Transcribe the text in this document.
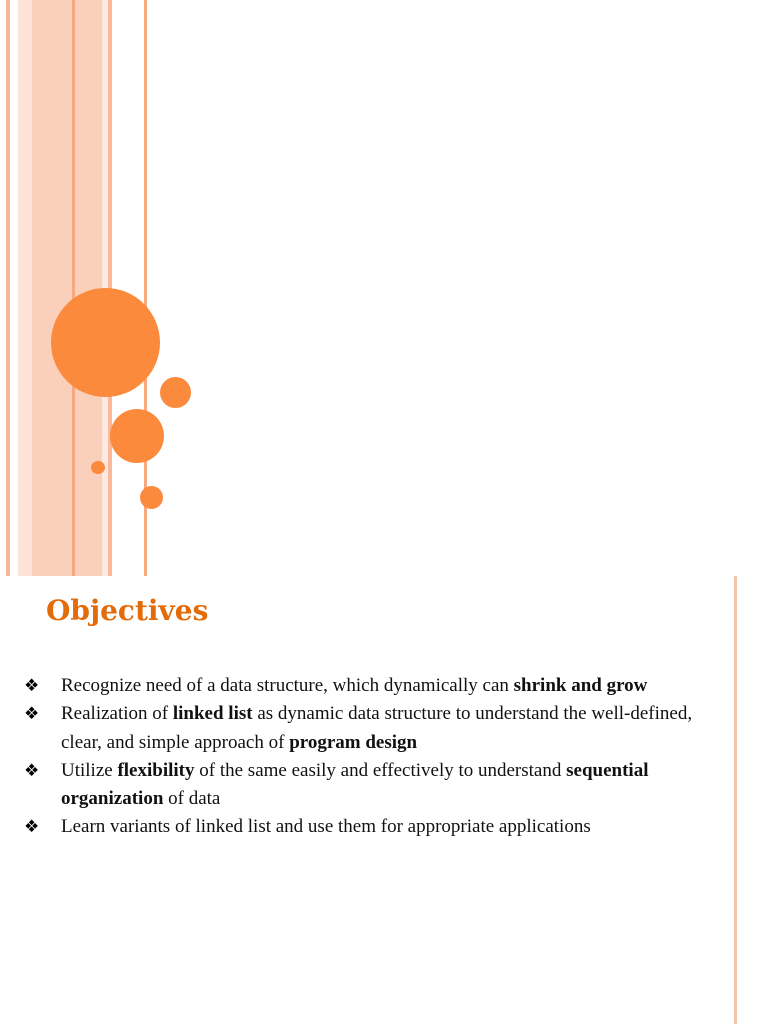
Objectives
❖ Recognize need of a data structure, which dynamically can shrink and grow
❖ Realization of linked list as dynamic data structure to understand the well-defined, clear, and simple approach of program design
❖ Utilize flexibility of the same easily and effectively to understand sequential organization of data
❖ Learn variants of linked list and use them for appropriate applications
